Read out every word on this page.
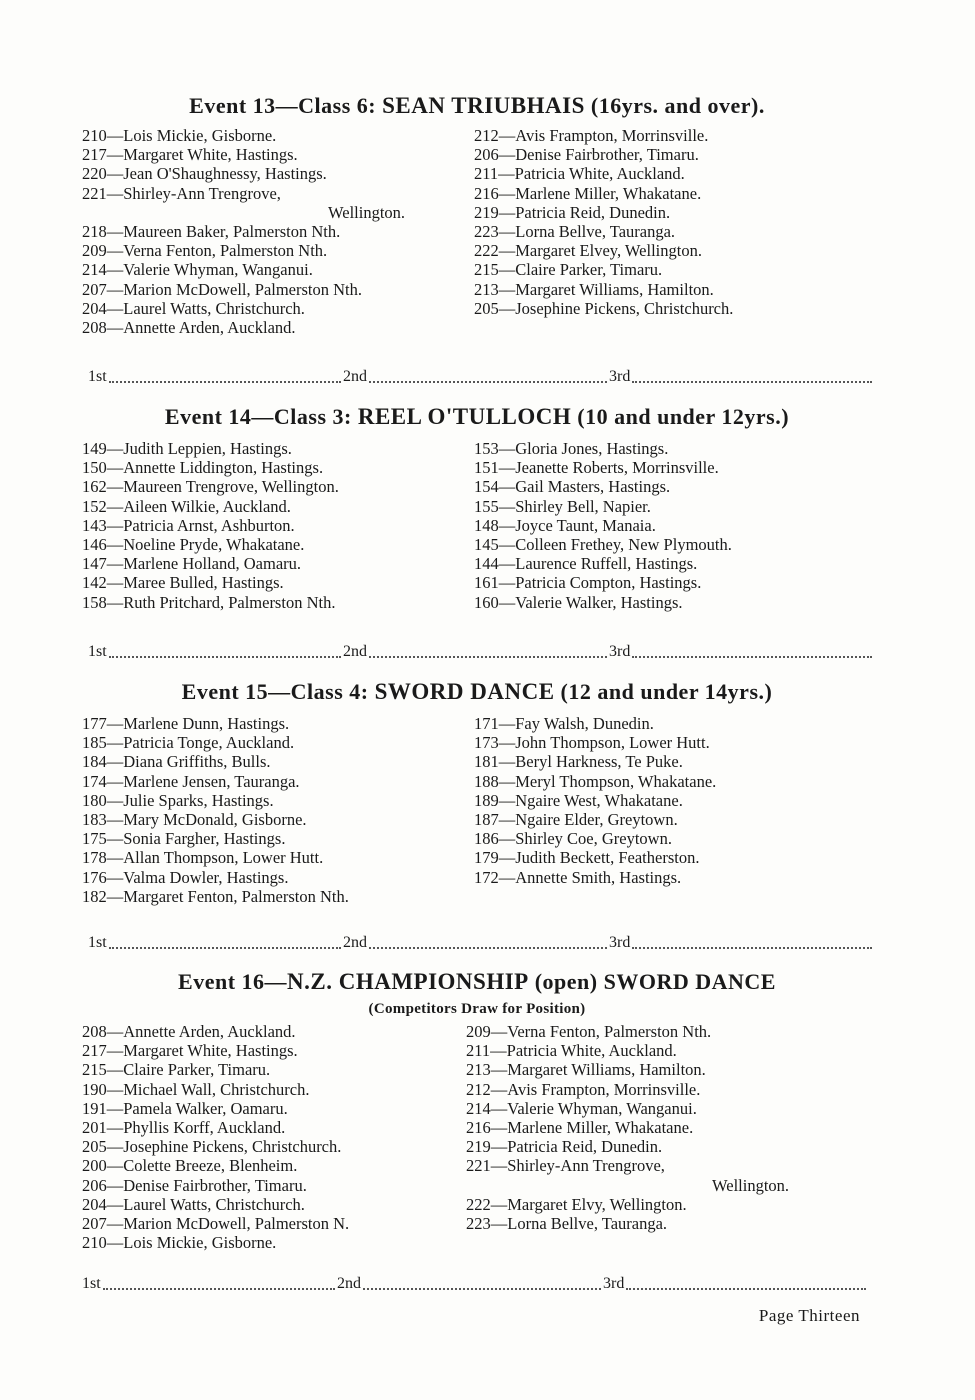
Event 13—Class 6: SEAN TRIUBHAIS (16yrs. and over).
210—Lois Mickie, Gisborne.
217—Margaret White, Hastings.
220—Jean O'Shaughnessy, Hastings.
221—Shirley-Ann Trengrove,
Wellington.
218—Maureen Baker, Palmerston Nth.
209—Verna Fenton, Palmerston Nth.
214—Valerie Whyman, Wanganui.
207—Marion McDowell, Palmerston Nth.
204—Laurel Watts, Christchurch.
208—Annette Arden, Auckland.
212—Avis Frampton, Morrinsville.
206—Denise Fairbrother, Timaru.
211—Patricia White, Auckland.
216—Marlene Miller, Whakatane.
219—Patricia Reid, Dunedin.
223—Lorna Bellve, Tauranga.
222—Margaret Elvey, Wellington.
215—Claire Parker, Timaru.
213—Margaret Williams, Hamilton.
205—Josephine Pickens, Christchurch.
1st	2nd	3rd
Event 14—Class 3: REEL O'TULLOCH (10 and under 12yrs.)
149—Judith Leppien, Hastings.
150—Annette Liddington, Hastings.
162—Maureen Trengrove, Wellington.
152—Aileen Wilkie, Auckland.
143—Patricia Arnst, Ashburton.
146—Noeline Pryde, Whakatane.
147—Marlene Holland, Oamaru.
142—Maree Bulled, Hastings.
158—Ruth Pritchard, Palmerston Nth.
153—Gloria Jones, Hastings.
151—Jeanette Roberts, Morrinsville.
154—Gail Masters, Hastings.
155—Shirley Bell, Napier.
148—Joyce Taunt, Manaia.
145—Colleen Frethey, New Plymouth.
144—Laurence Ruffell, Hastings.
161—Patricia Compton, Hastings.
160—Valerie Walker, Hastings.
1st	2nd	3rd
Event 15—Class 4: SWORD DANCE (12 and under 14yrs.)
177—Marlene Dunn, Hastings.
185—Patricia Tonge, Auckland.
184—Diana Griffiths, Bulls.
174—Marlene Jensen, Tauranga.
180—Julie Sparks, Hastings.
183—Mary McDonald, Gisborne.
175—Sonia Fargher, Hastings.
178—Allan Thompson, Lower Hutt.
176—Valma Dowler, Hastings.
182—Margaret Fenton, Palmerston Nth.
171—Fay Walsh, Dunedin.
173—John Thompson, Lower Hutt.
181—Beryl Harkness, Te Puke.
188—Meryl Thompson, Whakatane.
189—Ngaire West, Whakatane.
187—Ngaire Elder, Greytown.
186—Shirley Coe, Greytown.
179—Judith Beckett, Featherston.
172—Annette Smith, Hastings.
1st	2nd	3rd
Event 16—N.Z. CHAMPIONSHIP (open) SWORD DANCE

(Competitors Draw for Position)

208—Annette Arden, Auckland.
217—Margaret White, Hastings.
215—Claire Parker, Timaru.
190—Michael Wall, Christchurch.
191—Pamela Walker, Oamaru.
201—Phyllis Korff, Auckland.
205—Josephine Pickens, Christchurch.
200—Colette Breeze, Blenheim.
206—Denise Fairbrother, Timaru.
204—Laurel Watts, Christchurch.
207—Marion McDowell, Palmerston N.
210—Lois Mickie, Gisborne.
209—Verna Fenton, Palmerston Nth.
211—Patricia White, Auckland.
213—Margaret Williams, Hamilton.
212—Avis Frampton, Morrinsville.
214—Valerie Whyman, Wanganui.
216—Marlene Miller, Whakatane.
219—Patricia Reid, Dunedin.
221—Shirley-Ann Trengrove,
Wellington.
222—Margaret Elvy, Wellington.
223—Lorna Bellve, Tauranga.
1st	2nd	3rd
Page Thirteen
